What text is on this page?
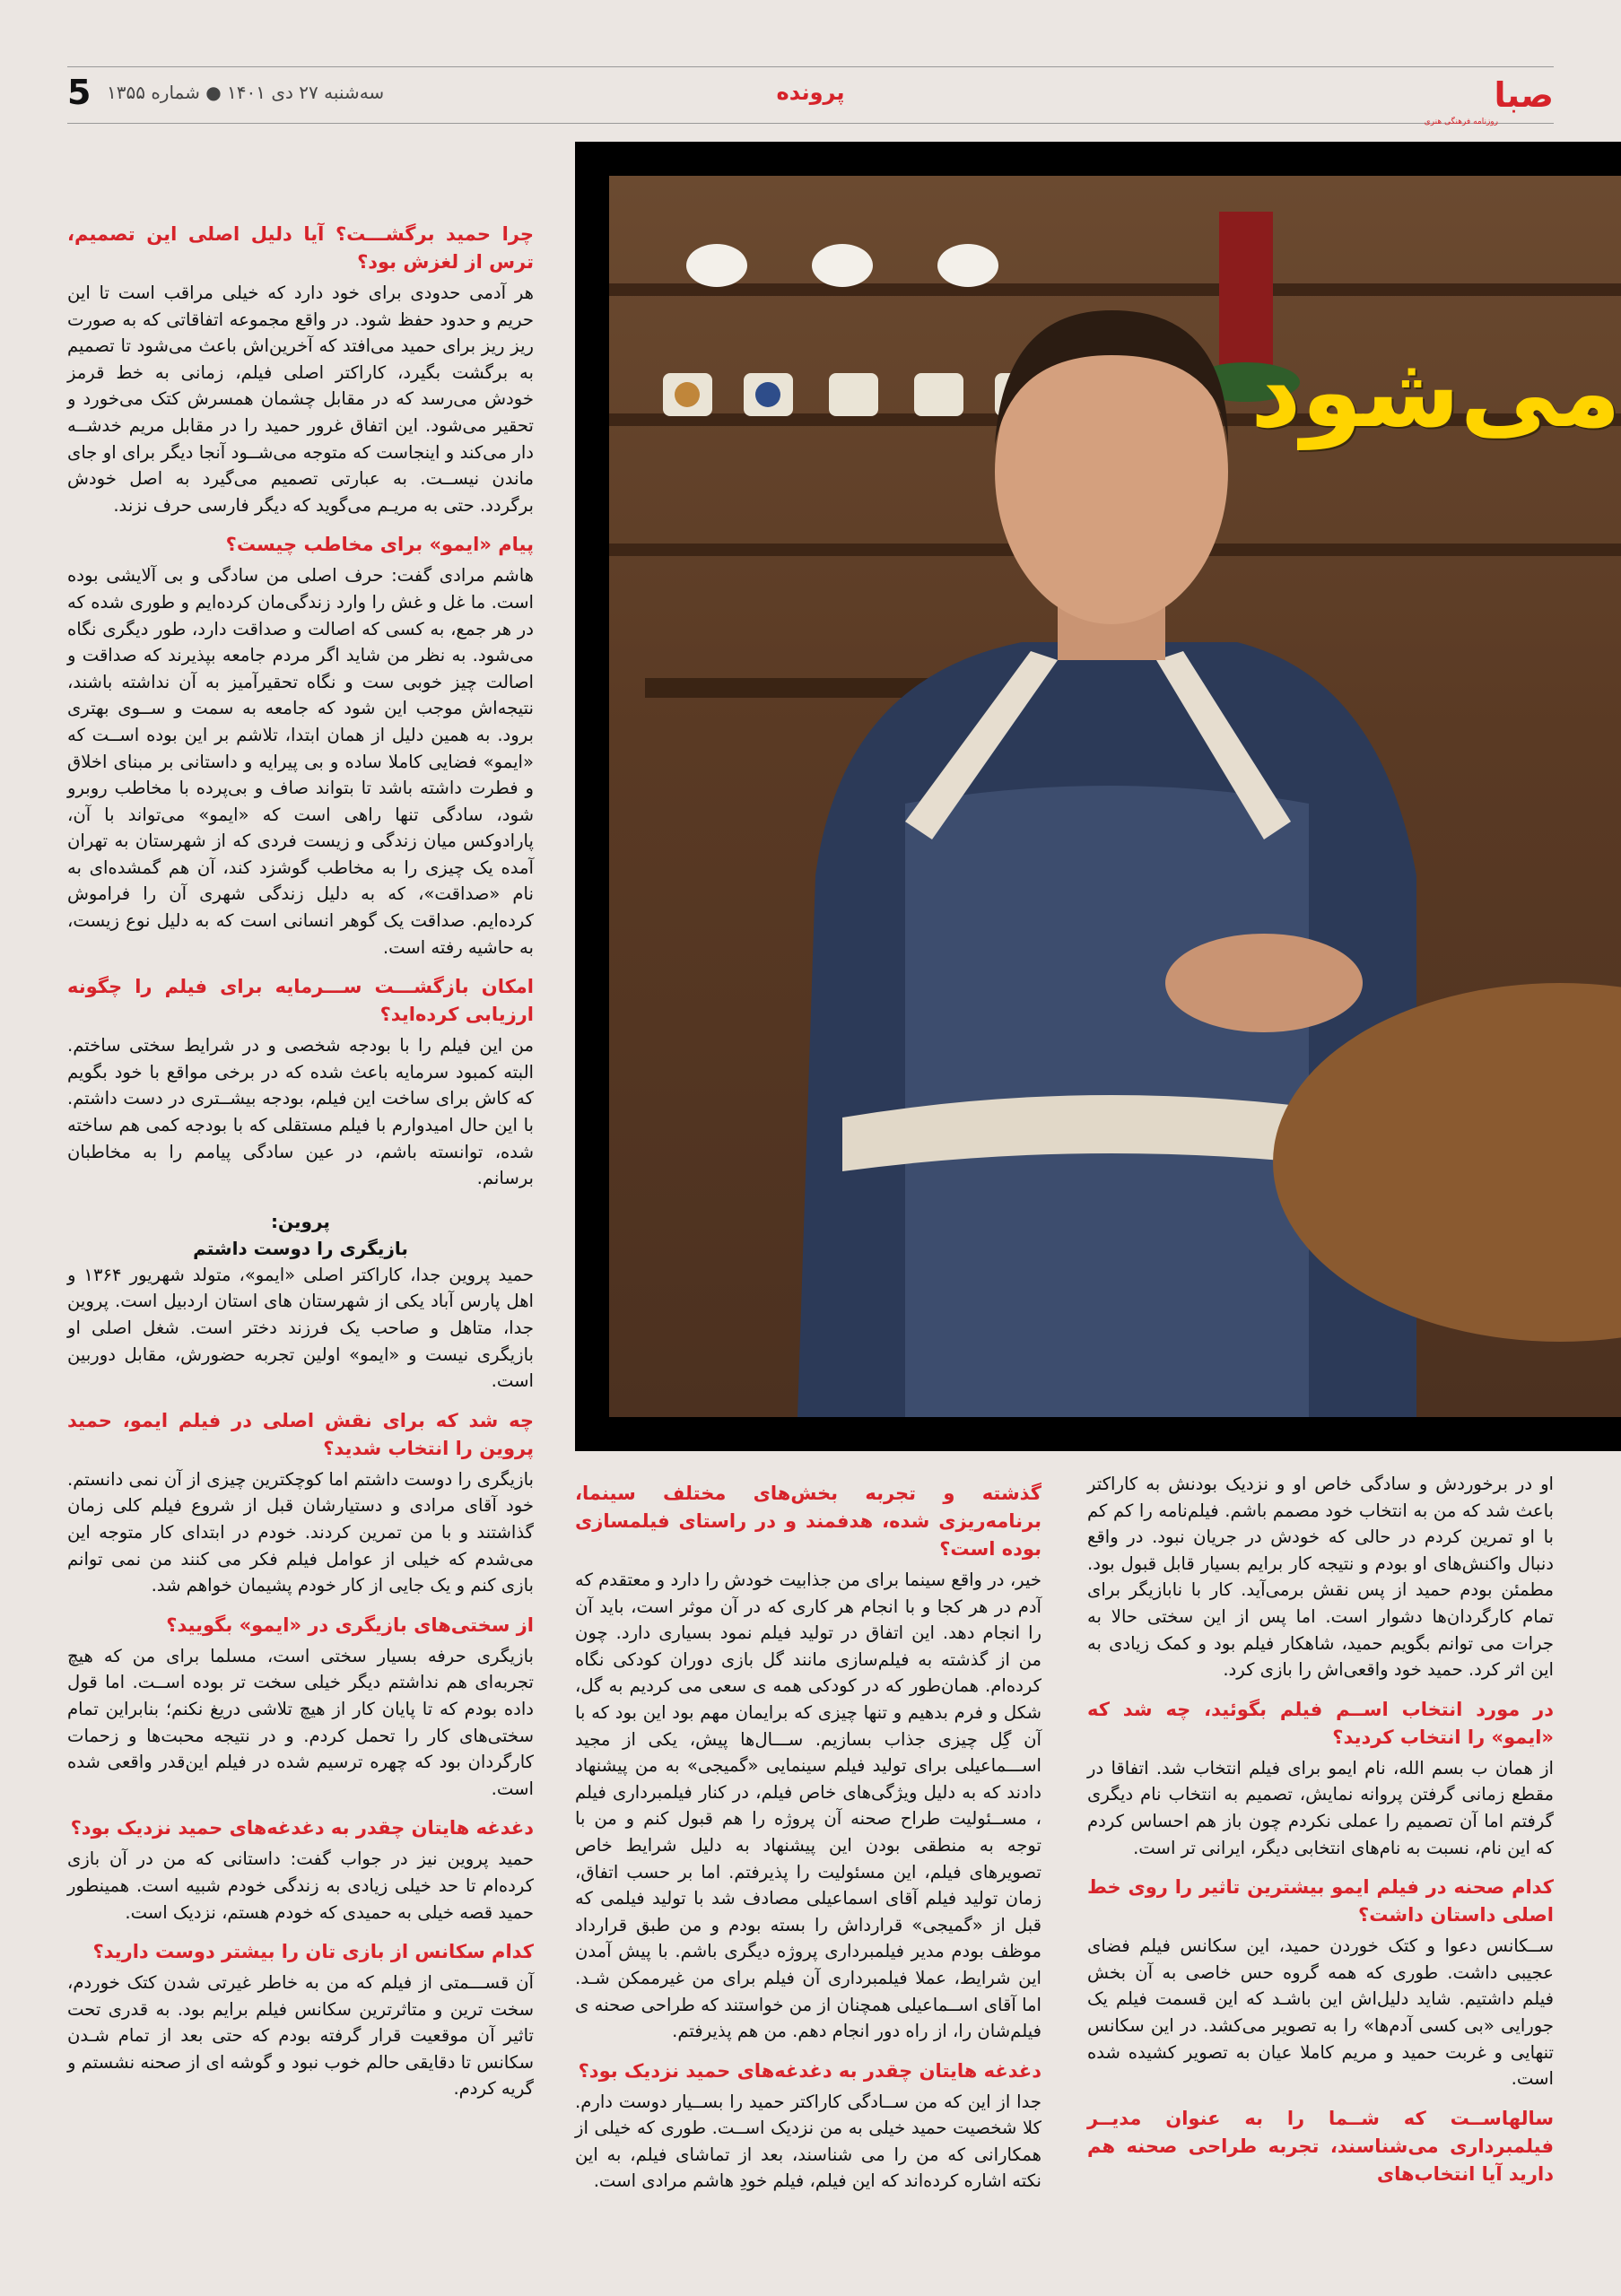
صبا
روزنامه فرهنگی هنری
پرونده
سه‌شنبه ۲۷ دی ۱۴۰۱ ● شماره ۱۳۵۵
5
می‌شود
چرا حمید برگشـــت؟ آیا دلیل اصلی این تصمیم، ترس از لغزش بود؟

هر آدمی حدودی برای خود دارد که خیلی مراقب است تا این حریم و حدود حفظ شود. در واقع مجموعه اتفاقاتی که به صورت ریز ریز برای حمید می‌افتد که آخرین‌اش باعث می‌شود تا تصمیم به برگشت بگیرد، کاراکتر اصلی فیلم، زمانی به خط قرمز خودش می‌رسد که در مقابل چشمان همسرش کتک می‌خورد و تحقیر می‌شود. این اتفاق غرور حمید را در مقابل مریم خدشــه دار می‌کند و اینجاست که متوجه می‌شــود آنجا دیگر برای او جای ماندن نیســت. به عبارتی تصمیم می‌گیرد به اصل خودش برگردد. حتی به مریـم می‌گوید که دیگر فارسی حرف نزند.

پیام «ایمو» برای مخاطب چیست؟

هاشم مرادی گفت: حرف اصلی من سادگی و بی آلایشی بوده است. ما غل و غش را وارد زندگی‌مان کرده‌ایم و طوری شده که در هر جمع، به کسی که اصالت و صداقت دارد، طور دیگری نگاه می‌شود. به نظر من شاید اگر مردم جامعه بپذیرند که صداقت و اصالت چیز خوبی ست و نگاه تحقیرآمیز به آن نداشته باشند، نتیجه‌اش موجب این شود که جامعه به سمت و ســوی بهتری برود. به همین دلیل از همان ابتدا، تلاشم بر این بوده اســت که «ایمو» فضایی کاملا ساده و بی پیرایه و داستانی بر مبنای اخلاق و فطرت داشته باشد تا بتواند صاف و بی‌پرده با مخاطب روبرو شود، سادگی تنها راهی است که «ایمو» می‌تواند با آن، پارادوکس میان زندگی و زیست فردی که از شهرستان به تهران آمده یک چیزی را به مخاطب گوشزد کند، آن هم گمشده‌ای به نام «صداقت»، که به دلیل زندگی شهری آن را فراموش کرده‌ایم. صداقت یک گوهر انسانی است که به دلیل نوع زیست، به حاشیه رفته است.

امکان بازگشـــت ســـرمایه برای فیلم را چگونه ارزیابی کرده‌اید؟

من این فیلم را با بودجه شخصی و در شرایط سختی ساختم. البته کمبود سرمایه باعث شده که در برخی مواقع با خود بگویم که کاش برای ساخت این فیلم، بودجه بیشــتری در دست داشتم. با این حال امیدوارم با فیلم مستقلی که با بودجه کمی هم ساخته شده، توانسته باشم، در عین سادگی پیامم را به مخاطبان برسانم.

پروین:
بازیگری را دوست داشتم

حمید پروین جدا، کاراکتر اصلی «ایمو»، متولد شهریور ۱۳۶۴ و اهل پارس آباد یکی از شهرستان های استان اردبیل است. پروین جدا، متاهل و صاحب یک فرزند دختر است. شغل اصلی او بازیگری نیست و «ایمو» اولین تجربه حضورش، مقابل دوربین است.

چه شد که برای نقش اصلی در فیلم ایمو، حمید پروین را انتخاب شدید؟

بازیگری را دوست داشتم اما کوچکترین چیزی از آن نمی دانستم. خود آقای مرادی و دستیارشان قبل از شروع فیلم کلی زمان گذاشتند و با من تمرین کردند. خودم در ابتدای کار متوجه این می‌شدم که خیلی از عوامل فیلم فکر می کنند من نمی توانم بازی کنم و یک جایی از کار خودم پشیمان خواهم شد.

از سختی‌های بازیگری در «ایمو» بگویید؟

بازیگری حرفه بسیار سختی است، مسلما برای من که هیچ تجربه‌ای هم نداشتم دیگر خیلی سخت تر بوده اســت. اما قول داده بودم که تا پایان کار از هیچ تلاشی دریغ نکنم؛ بنابراین تمام سختی‌های کار را تحمل کردم. و در نتیجه محبت‌ها و زحمات کارگردان بود که چهره ترسیم شده در فیلم این‌قدر واقعی شده است.

دغدغه هایتان چقدر به دغدغه‌های حمید نزدیک بود؟

حمید پروین نیز در جواب گفت: داستانی که من در آن بازی کرده‌ام تا حد خیلی زیادی به زندگی خودم شبیه است. همینطور حمید قصه خیلی به حمیدی که خودم هستم، نزدیک است.

کدام سکانس از بازی تان را بیشتر دوست دارید؟

آن قســـمتی از فیلم که من به خاطر غیرتی شدن کتک خوردم، سخت ترین و متاثرترین سکانس فیلم برایم بود. به قدری تحت تاثیر آن موقعیت قرار گرفته بودم که حتی بعد از تمام شـدن سکانس تا دقایقی حالم خوب نبود و گوشه ای از صحنه نشستم و گریه کردم.

گذشته و تجربه بخش‌های مختلف سینما، برنامه‌ریزی شده، هدفمند و در راستای فیلمسازی بوده است؟

خیر، در واقع سینما برای من جذابیت خودش را دارد و معتقدم که آدم در هر کجا و با انجام هر کاری که در آن موثر است، باید آن را انجام دهد. این اتفاق در تولید فیلم نمود بسیاری دارد. چون من از گذشته به فیلم‌سازی مانند گل بازی دوران کودکی نگاه کرده‌ام. همان‌طور که در کودکی همه ی سعی می کردیم به گل، شکل و فرم بدهیم و تنها چیزی که برایمان مهم بود این بود که با آن گِل چیزی جذاب بسازیم. ســـال‌ها پیش، یکی از مجید اســـماعیلی برای تولید فیلم سینمایی «گمیجی» به من پیشنهاد دادند که به دلیل ویژگی‌های خاص فیلم، در کنار فیلمبرداری فیلم ، مســئولیت طراح صحنه آن پروژه را هم قبول کنم و من با توجه به منطقی بودن این پیشنهاد به دلیل شرایط خاص تصویرهای فیلم، این مسئولیت را پذیرفتم. اما بر حسب اتفاق، زمان تولید فیلم آقای اسماعیلی مصادف شد با تولید فیلمی که قبل از «گمیجی» قرارداش را بسته بودم و من طبق قرارداد موظف بودم مدیر فیلمبرداری پروژه دیگری باشم. با پیش آمدن این شرایط، عملا فیلمبرداری آن فیلم برای من غیرممکن شـد. اما آقای اســماعیلی همچنان از من خواستند که طراحی صحنه ی فیلم‌شان را، از راه دور انجام دهم. من هم پذیرفتم.

دغدغه هایتان چقدر به دغدغه‌های حمید نزدیک بود؟

جدا از این که من ســادگی کاراکتر حمید را بســیار دوست دارم. کلا شخصیت حمید خیلی به من نزدیک اســت. طوری که خیلی از همکارانی که من را می شناسند، بعد از تماشای فیلم، به این نکته اشاره کرده‌اند که این فیلم، فیلم خودِ هاشم مرادی است.

او در برخورد‌ش و سادگی خاص او و نزدیک بودنش به کاراکتر باعث شد که من به انتخاب خود مصمم باشم. فیلم‌نامه را کم کم با او تمرین کردم در حالی که خودش در جریان نبود. در واقع دنبال واکنش‌های او بودم و نتیجه کار برایم بسیار قابل قبول بود. مطمئن بودم حمید از پس نقش برمی‌آید. کار با نابازیگر برای تمام کارگردان‌ها دشوار است. اما پس از این سختی حالا به جرات می توانم بگویم حمید، شاهکار فیلم بود و کمک زیادی به این اثر کرد. حمید خود واقعی‌اش را بازی کرد.

در مورد انتخاب اســم فیلم بگوئید، چه شد که «ایمو» را انتخاب کردید؟

از همان ب بسم الله، نام ایمو برای فیلم انتخاب شد. اتفاقا در مقطع زمانی گرفتن پروانه نمایش، تصمیم به انتخاب نام دیگری گرفتم اما آن تصمیم را عملی نکردم چون باز هم احساس کردم که این نام، نسبت به نام‌های انتخابی دیگر، ایرانی تر است.

کدام صحنه در فیلم ایمو بیشترین تاثیر را روی خط اصلی داستان داشت؟

ســکانس دعوا و کتک خوردن حمید، این سکانس فیلم فضای عجیبی داشت. طوری که همه گروه حس خاصی به آن بخش فیلم داشتیم. شاید دلیل‌اش این باشـد که این قسمت فیلم یک جورایی «بی کسی آدم‌ها» را به تصویر می‌کشد. در این سکانس تنهایی و غربت حمید و مریم کاملا عیان به تصویر کشیده شده است.

سالهاســت که شــما را به عنوان مدیــر فیلمبرداری می‌شناسند، تجربه طراحی صحنه هم دارید آیا انتخاب‌های
